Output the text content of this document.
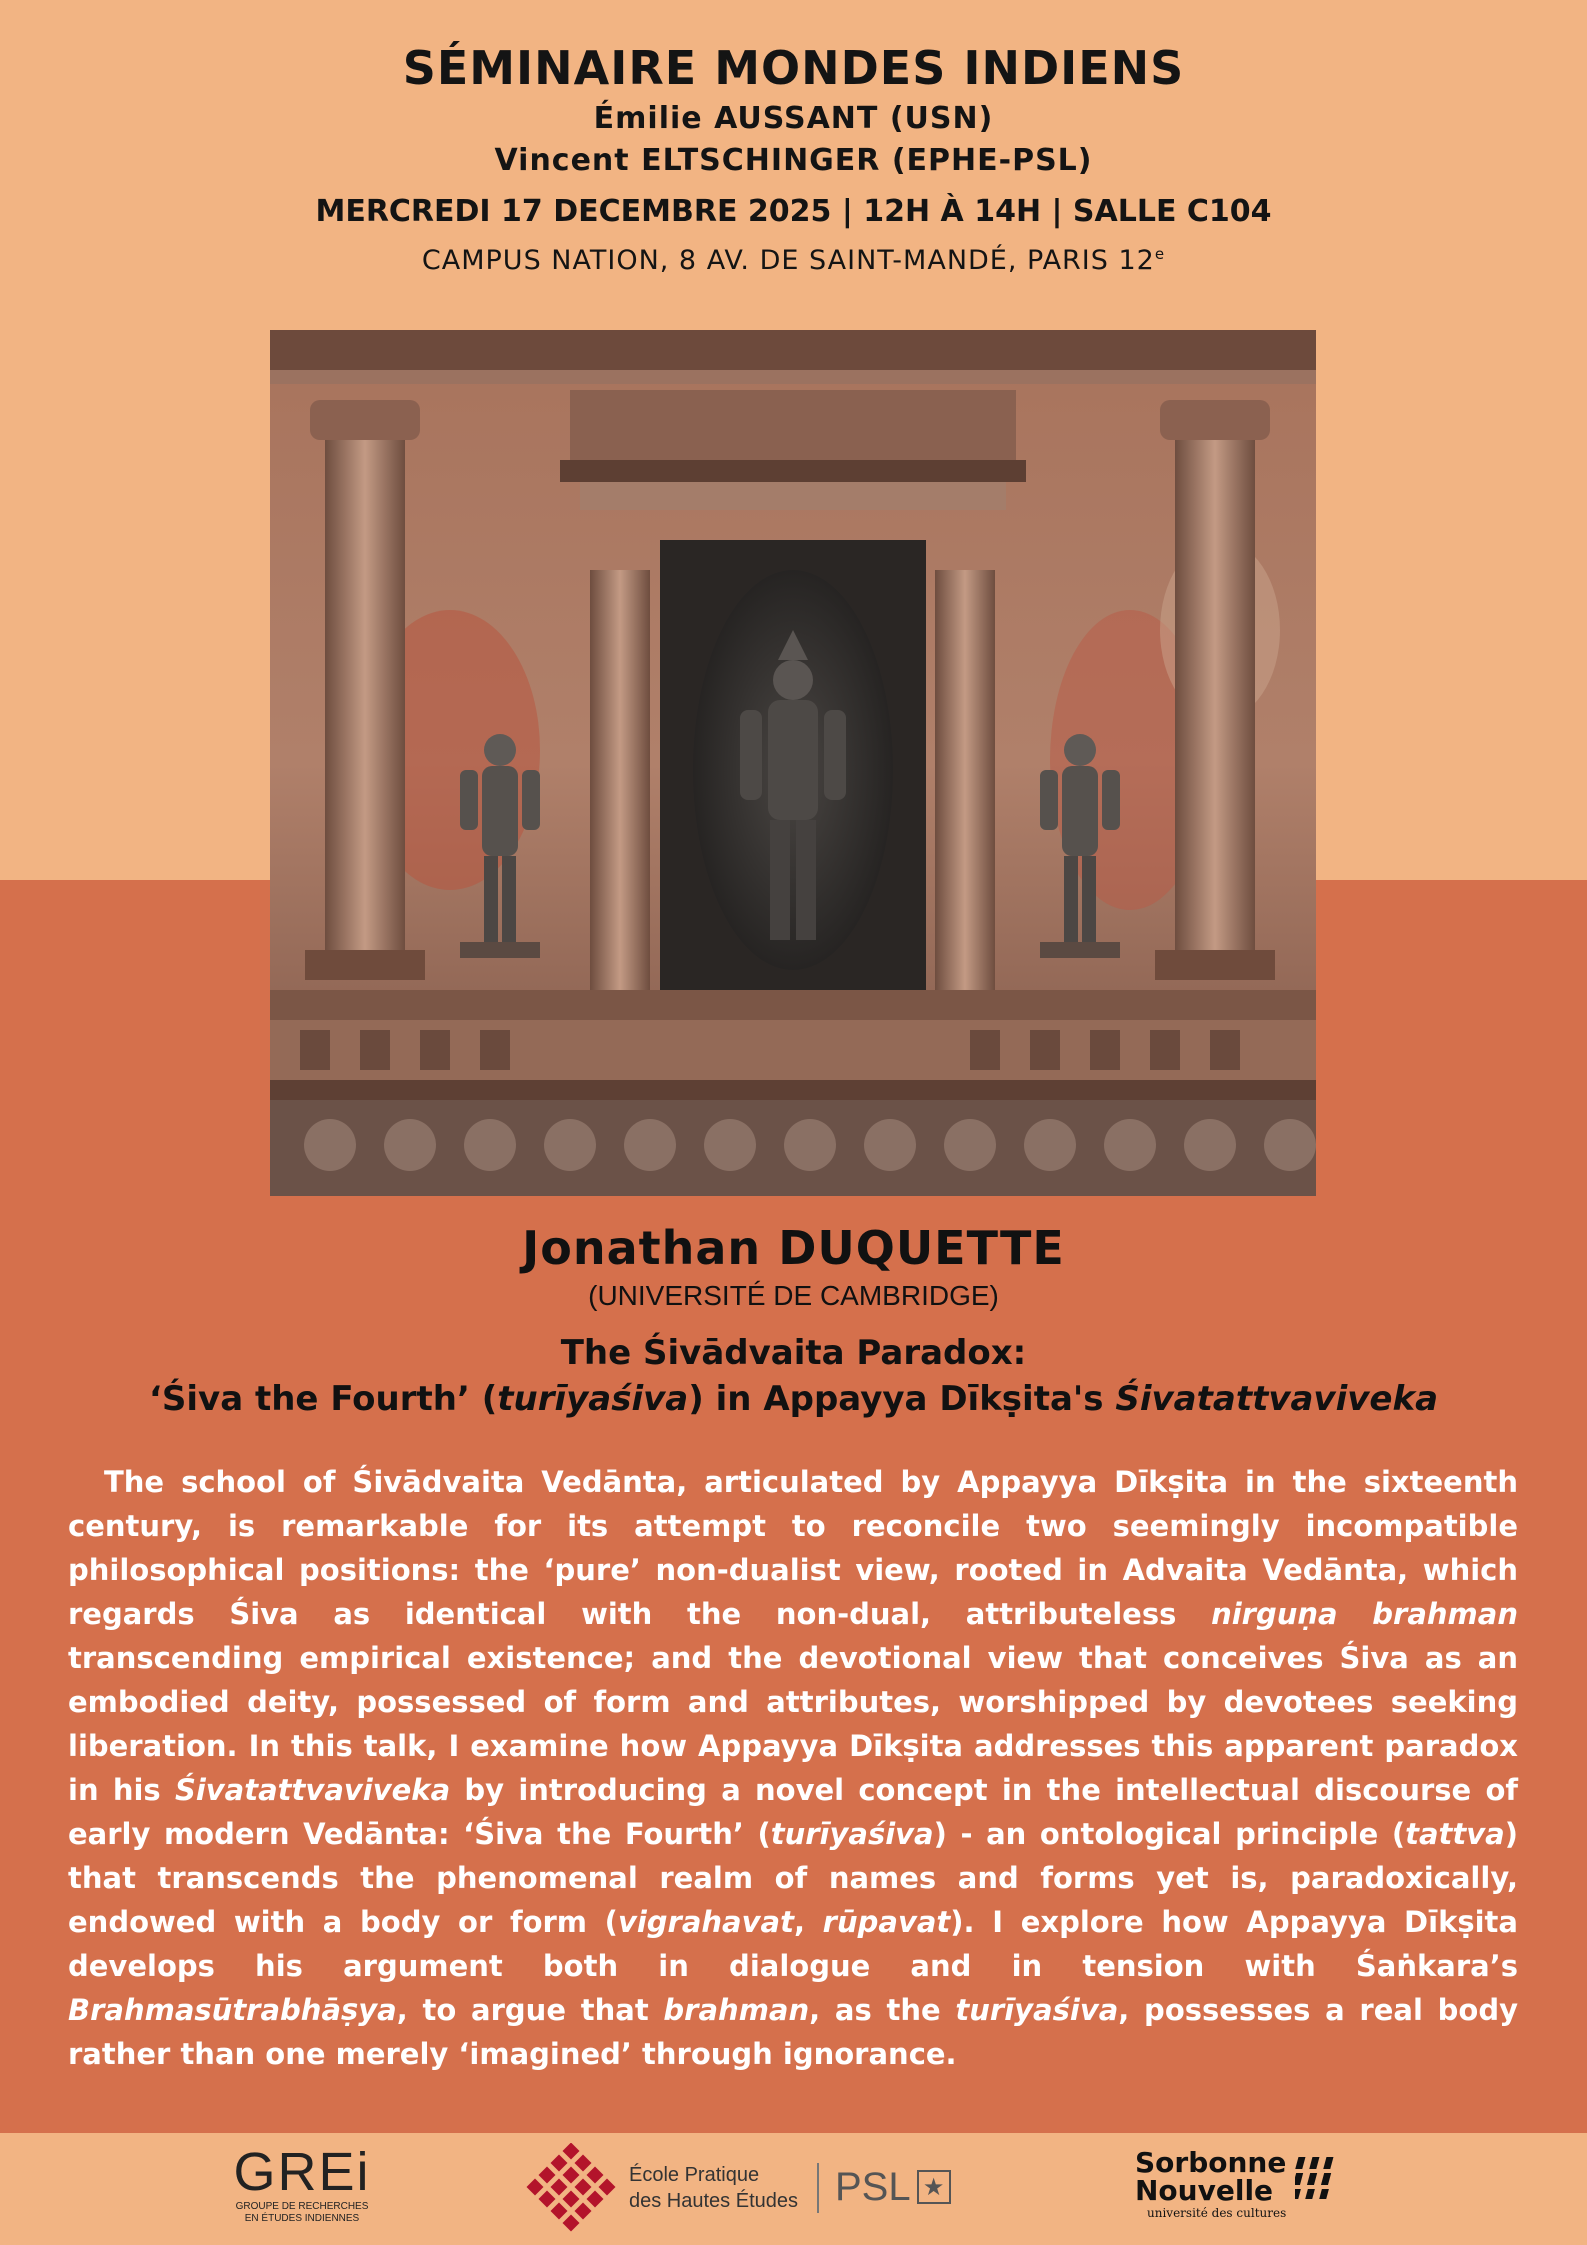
SÉMINAIRE MONDES INDIENS
Émilie AUSSANT (USN)
Vincent ELTSCHINGER (EPHE-PSL)
MERCREDI 17 DECEMBRE 2025 | 12H À 14H | SALLE C104
CAMPUS NATION, 8 AV. DE SAINT-MANDÉ, PARIS 12e
Jonathan DUQUETTE
(UNIVERSITÉ DE CAMBRIDGE)
The Śivādvaita Paradox:
‘Śiva the Fourth’ (turīyaśiva) in Appayya Dīkṣita's Śivatattvaviveka
The school of Śivādvaita Vedānta, articulated by Appayya Dīkṣita in the sixteenth century, is remarkable for its attempt to reconcile two seemingly incompatible philosophical positions: the ‘pure’ non-dualist view, rooted in Advaita Vedānta, which regards Śiva as identical with the non-dual, attributeless nirguṇa brahman transcending empirical existence; and the devotional view that conceives Śiva as an embodied deity, possessed of form and attributes, worshipped by devotees seeking liberation. In this talk, I examine how Appayya Dīkṣita addresses this apparent paradox in his Śivatattvaviveka by introducing a novel concept in the intellectual discourse of early modern Vedānta: ‘Śiva the Fourth’ (turīyaśiva) - an ontological principle (tattva) that transcends the phenomenal realm of names and forms yet is, paradoxically, endowed with a body or form (vigrahavat, rūpavat). I explore how Appayya Dīkṣita develops his argument both in dialogue and in tension with Śaṅkara’s Brahmasūtrabhāṣya, to argue that brahman, as the turīyaśiva, possesses a real body rather than one merely ‘imagined’ through ignorance.
GREi
GROUPE DE RECHERCHES
EN ÉTUDES INDIENNES
École Pratique
des Hautes Études PSL ★
Sorbonne
Nouvelle
université des cultures
